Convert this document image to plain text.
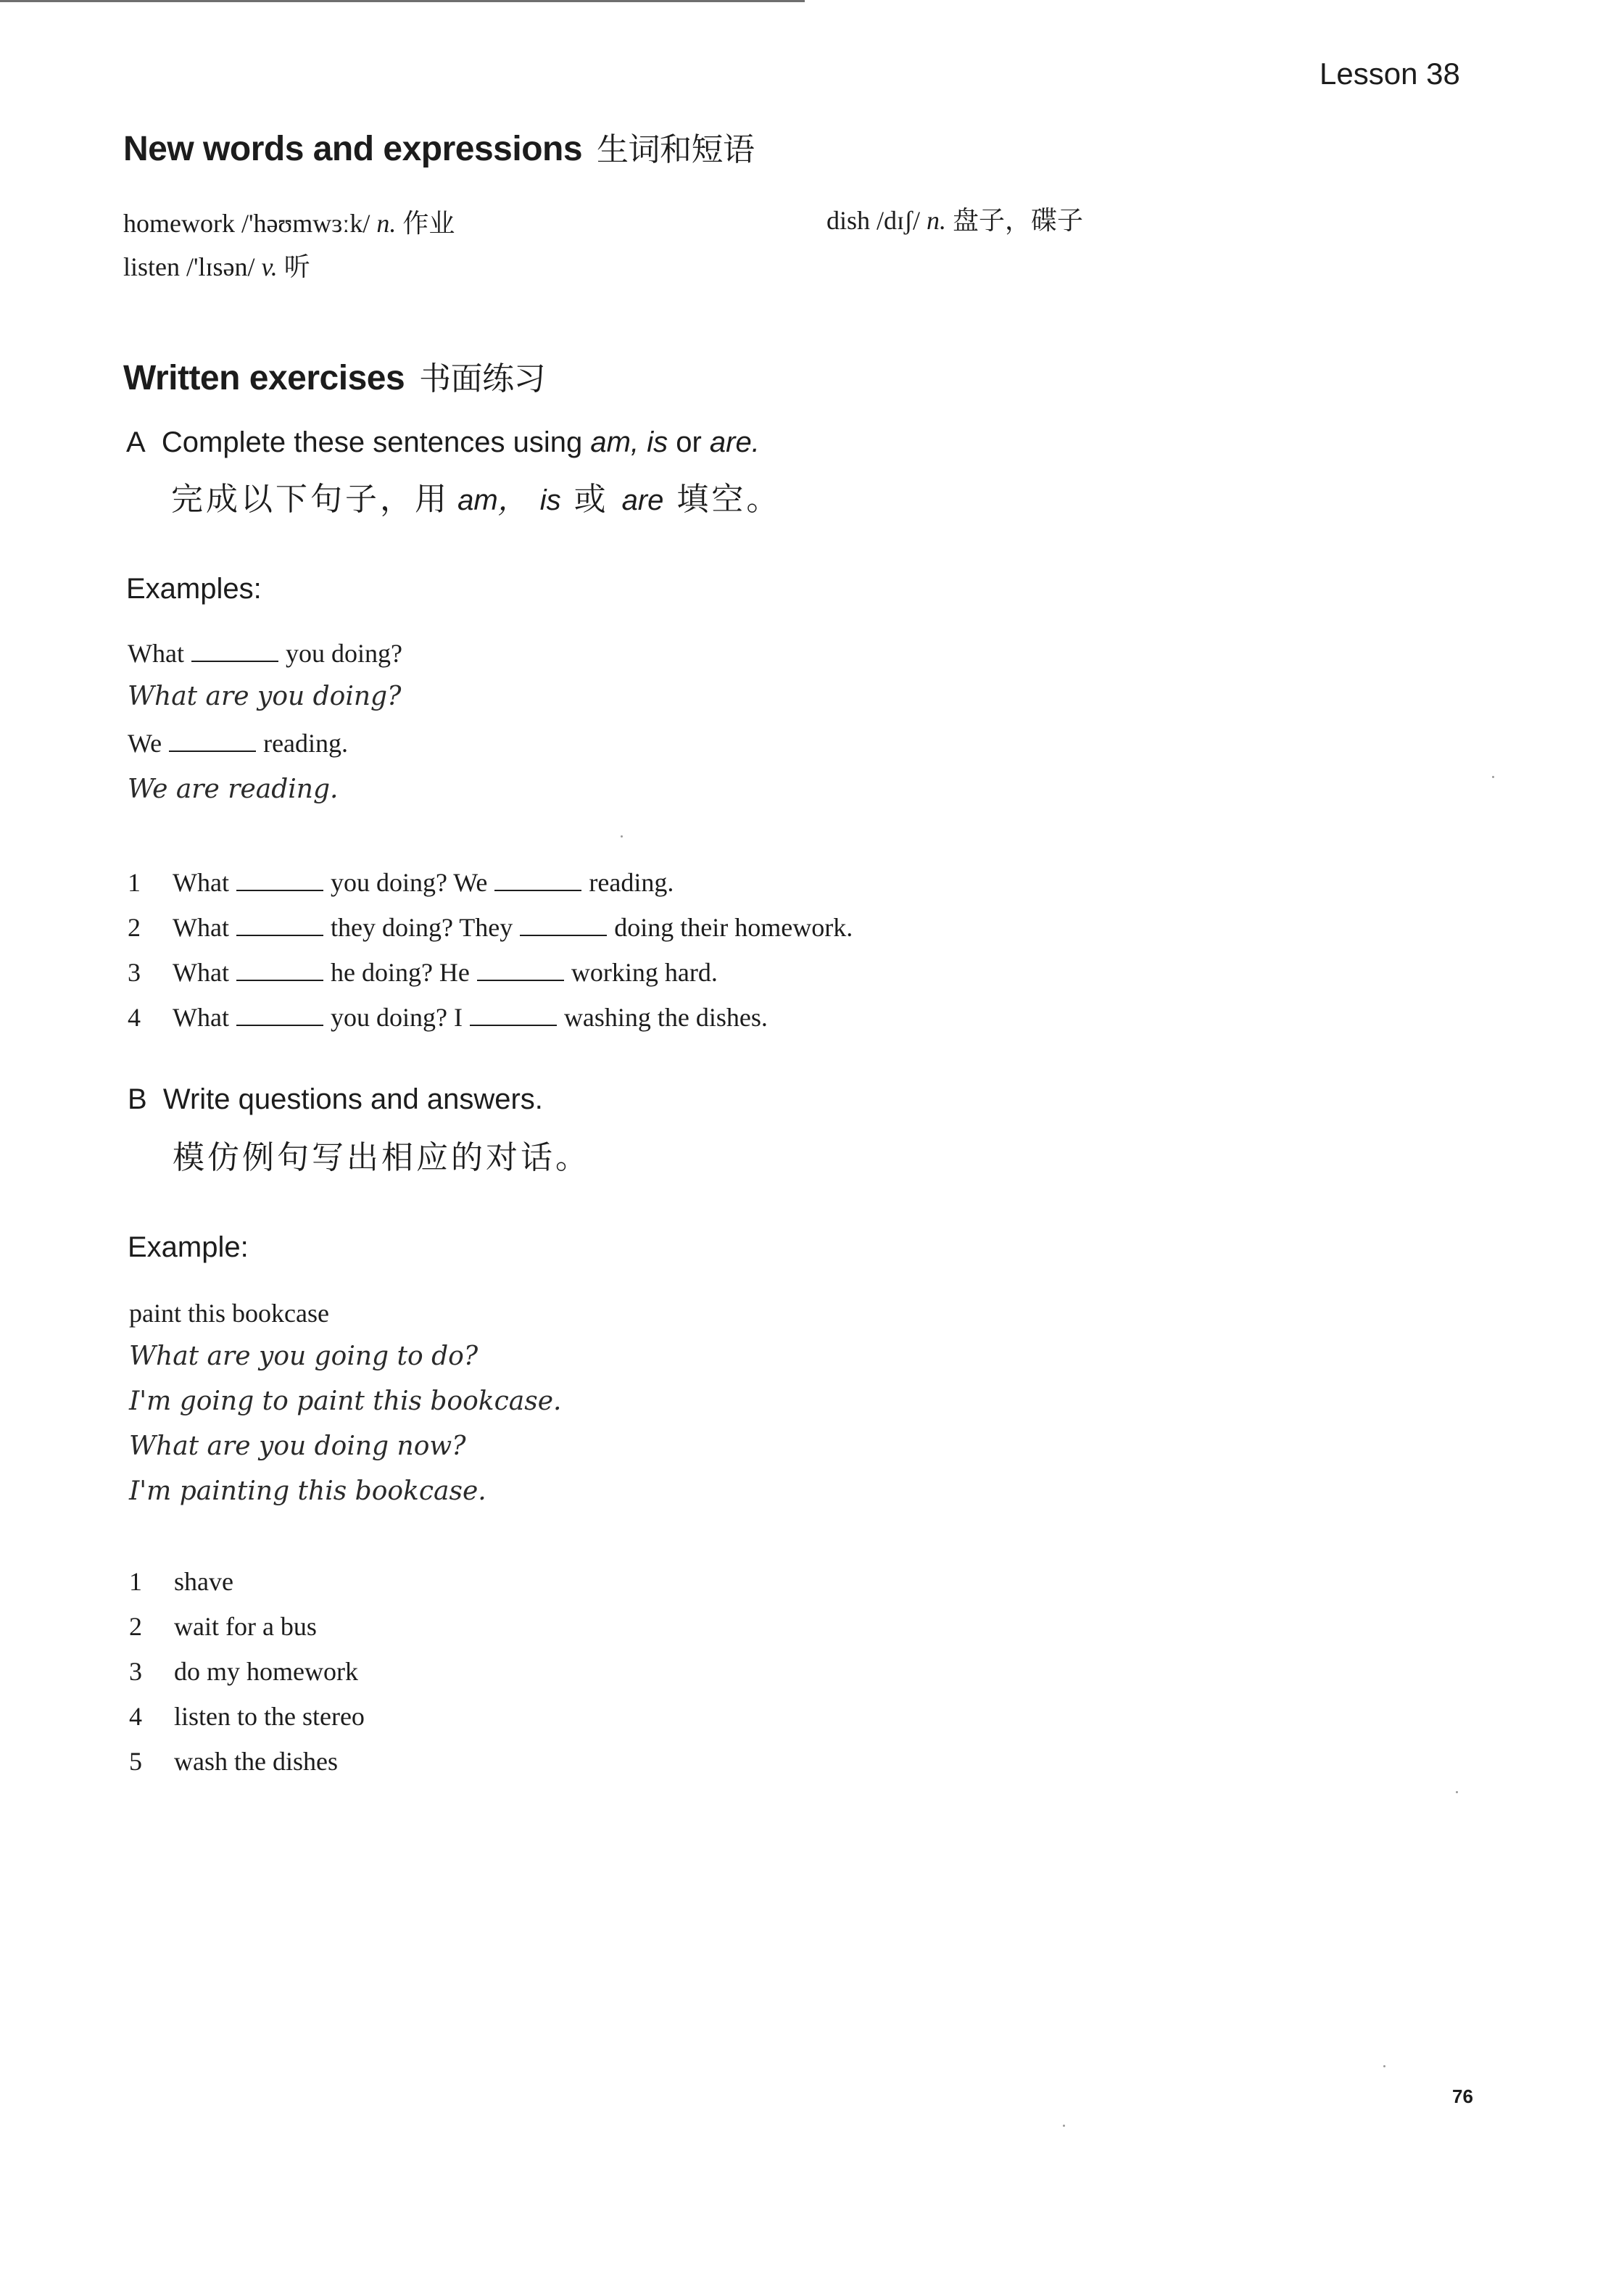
Lesson 38
New words and expressions 生词和短语
homework /'həʊmwɜːk/ n. 作业
listen /'lɪsən/ v. 听
dish /dɪʃ/ n. 盘子，碟子
Written exercises 书面练习
A Complete these sentences using am, is or are.
完成以下句子，用 am， is 或 are 填空。
Examples:
What	you doing?
What are you doing?
We	reading.
We are reading.
1 What	you doing? We	reading.
2 What	they doing? They	doing their homework.
3 What	he doing? He	working hard.
4 What	you doing? I	washing the dishes.
B Write questions and answers.
模仿例句写出相应的对话。
Example:
paint this bookcase
What are you going to do?
I'm going to paint this bookcase.
What are you doing now?
I'm painting this bookcase.
1 shave
2 wait for a bus
3 do my homework
4 listen to the stereo
5 wash the dishes
76
